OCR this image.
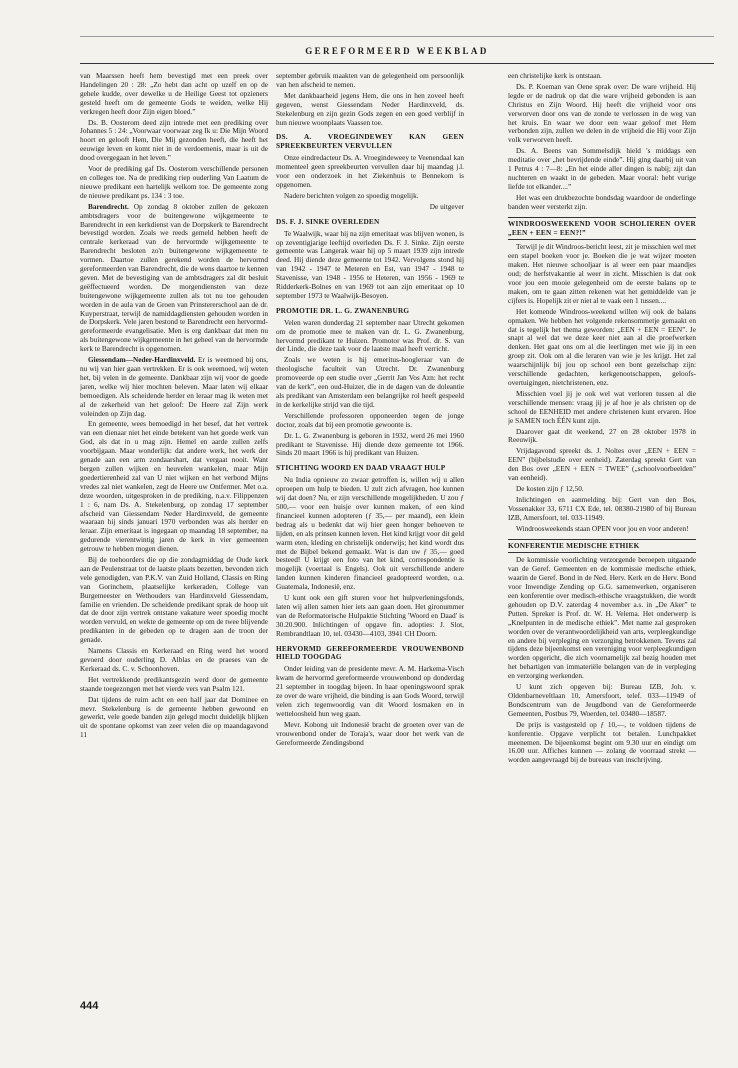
GEREFORMEERD WEEKBLAD

van Maarssen heeft hem bevestigd met een preek over Handelingen 20 : 28: „Zo hebt dan acht op uzelf en op de gehele kudde, over dewelke u de Heilige Geest tot opzieners gesteld heeft om de gemeente Gods te weiden, welke Hij verkregen heeft door Zijn eigen bloed.”

Ds. B. Oosterom deed zijn intrede met een prediking over Johannes 5 : 24: „Voorwaar voorwaar zeg Ik u: Die Mijn Woord hoort en gelooft Hem, Die Mij gezonden heeft, die heeft het eeuwige leven en komt niet in de verdoemenis, maar is uit de dood overgegaan in het leven.”

Voor de prediking gaf Ds. Oosterom verschillende personen en colleges toe. Na de prediking riep ouderling Van Laatum de nieuwe predikant een hartelijk welkom toe. De gemeente zong de nieuwe predikant ps. 134 : 3 toe.

Barendrecht. Op zondag 8 oktober zullen de gekozen ambtsdragers voor de buitengewone wijkgemeente te Barendrecht in een kerkdienst van de Dorpskerk te Barendrecht bevestigd worden. Zoals we reeds gemeld hebben heeft de centrale kerkeraad van de hervormde wijkgemeente te Barendrecht besloten zo'n buitengewone wijkgemeente te vormen. Daartoe zullen gerekend worden de hervormd gereformeerden van Barendrecht, die de wens daartoe te kennen geven. Met de bevestiging van de ambtsdragers zal dit besluit geëffectueerd worden. De morgendiensten van deze buitengewone wijkgemeente zullen als tot nu toe gehouden worden in de aula van de Groen van Prinstererschool aan de dr. Kuyperstraat, terwijl de namiddagdiensten gehouden worden in de Dorpskerk. Vele jaren bestond te Barendrecht een hervormd-gereformeerde evangelisatie. Men is erg dankbaar dat men nu als buitengewone wijkgemeente in het geheel van de hervormde kerk te Barendrecht is opgenomen.

Giessendam—Neder-Hardinxveld. Er is weemoed bij ons, nu wij van hier gaan vertrekken. Er is ook weemoed, wij weten het, bij velen in de gemeente. Dankbaar zijn wij voor de goede jaren, welke wij hier mochten beleven. Maar laten wij elkaar bemoedigen. Als scheidende herder en leraar mag ik weten met al de zekerheid van het geloof: De Heere zal Zijn werk voleinden op Zijn dag.

En gemeente, wees bemoedigd in het besef, dat het vertrek van een dienaar niet het einde betekent van het goede werk van God, als dat in u mag zijn. Hemel en aarde zullen zelfs voorbijgaan. Maar wonderlijk: dat andere werk, het werk der genade aan een arm zondaarshart, dat vergaat nooit. Want bergen zullen wijken en heuvelen wankelen, maar Mijn goedertierenheid zal van U niet wijken en het verbond Mijns vredes zal niet wankelen, zegt de Heere uw Ontfermer. Met o.a. deze woorden, uitgesproken in de prediking, n.a.v. Filippenzen 1 : 6, nam Ds. A. Stekelenburg, op zondag 17 september afscheid van Giessendam Neder Hardinxveld, de gemeente waaraan hij sinds januari 1970 verbonden was als herder en leraar. Zijn emeritaat is ingegaan op maandag 18 september, na gedurende vierentwintig jaren de kerk in vier gemeenten getrouw te hebben mogen dienen.

Bij de toehoorders die op die zondagmiddag de Oude kerk aan de Peulenstraat tot de laatste plaats bezetten, bevonden zich vele genodigden, van P.K.V. van Zuid Holland, Classis en Ring van Gorinchem, plaatselijke kerkeraden, College van Burgemeester en Wethouders van Hardinxveld Giessendam, familie en vrienden. De scheidende predikant sprak de hoop uit dat de door zijn vertrek ontstane vakature weer spoedig mocht worden vervuld, en wekte de gemeente op om de twee blijvende predikanten in de gebeden op te dragen aan de troon der genade.

Namens Classis en Kerkeraad en Ring werd het woord gevoerd door ouderling D. Alblas en de praeses van de Kerkeraad ds. C. v. Schoonhoven.

Het vertrekkende predikantsgezin werd door de gemeente staande toegezongen met het vierde vers van Psalm 121.

Dat tijdens de ruim acht en een half jaar dat Dominee en mevr. Stekelenburg is de gemeente hebben gewoond en gewerkt, vele goede banden zijn gelegd mocht duidelijk blijken uit de spontane opkomst van zeer velen die op maandagavond 11

september gebruik maakten van de gelegenheid om persoonlijk van hen afscheid te nemen.

Met dankbaarheid jegens Hem, die ons in hen zoveel heeft gegeven, wenst Giessendam Neder Hardinxveld, ds. Stekelenburg en zijn gezin Gods zegen en een goed verblijf in hun nieuwe woonplaats Vaassen toe.

DS. A. VROEGINDEWEY KAN GEEN SPREEKBEURTEN VERVULLEN

Onze eindredacteur Ds. A. Vroegindeweey te Veenendaal kan momenteel geen spreekbeurten vervullen daar hij maandag j.l. voor een onderzoek in het Ziekenhuis te Bennekom is opgenomen.

Nadere berichten volgen zo spoedig mogelijk.

De uitgever

DS. F. J. SINKE OVERLEDEN

Te Waalwijk, waar hij na zijn emeritaat was blijven wonen, is op zeventigjarige leeftijd overleden Ds. F. J. Sinke. Zijn eerste gemeente was Langerak waar hij op 5 maart 1939 zijn intrede deed. Hij diende deze gemeente tot 1942. Vervolgens stond hij van 1942 - 1947 te Meteren en Est, van 1947 - 1948 te Stavenisse, van 1948 - 1956 te Heteren, van 1956 - 1969 te Ridderkerk-Bolnes en van 1969 tot aan zijn emeritaat op 10 september 1973 te Waalwijk-Besoyen.

PROMOTIE DR. L. G. ZWANENBURG

Velen waren donderdag 21 september naar Utrecht gekomen om de promotie mee te maken van dr. L. G. Zwanenburg, hervormd predikant te Huizen. Promotor was Prof. dr. S. van der Linde, die deze taak voor de laatste maal heeft verricht.

Zoals we weten is hij emeritus-hoogleraar van de theologische faculteit van Utrecht. Dr. Zwanenburg promoveerde op een studie over „Gerrit Jan Vos Azn: het recht van de kerk”, een oud-Huizer, die in de dagen van de doleantie als predikant van Amsterdam een belangrijke rol heeft gespeeld in de kerkelijke strijd van die tijd.

Verschillende professoren opponeerden tegen de jonge doctor, zoals dat bij een promotie gewoonte is.

Dr. L. G. Zwanenburg is geboren in 1932, werd 26 mei 1960 predikant te Stavenisse. Hij diende deze gemeente tot 1966. Sinds 20 maart 1966 is hij predikant van Huizen.

STICHTING WOORD EN DAAD VRAAGT HULP

Nu India opnieuw zo zwaar getroffen is, willen wij u allen oproepen om hulp te bieden. U zult zich afvragen, hoe kunnen wij dat doen? Nu, er zijn verschillende mogelijkheden. U zou ƒ 500,— voor een huisje over kunnen maken, of een kind financieel kunnen adopteren (ƒ 35,— per maand), een klein bedrag als u bedenkt dat wij hier geen honger behoeven te lijden, en als prinsen kunnen leven. Het kind krijgt voor dit geld warm eten, kleding en christelijk onderwijs; het kind wordt dus met de Bijbel bekend gemaakt. Wat is dan uw ƒ 35,— goed besteed! U krijgt een foto van het kind, correspondentie is mogelijk (voertaal is Engels). Ook uit verschillende andere landen kunnen kinderen financieel geadopteerd worden, o.a. Guatemala, Indonesië, enz.

U kunt ook een gift sturen voor het hulpverleningsfonds, laten wij allen samen hier iets aan gaan doen. Het gironummer van de Reformatorische Hulpaktie Stichting 'Woord en Daad' is 30.20.900. Inlichtingen of opgave fin. adopties: J. Slot, Rembrandtlaan 10, tel. 03430—4103, 3941 CH Doorn.

HERVORMD GEREFORMEERDE VROUWENBOND HIELD TOOGDAG

Onder leiding van de presidente mevr. A. M. Harkema-Visch kwam de hervormd gereformeerde vrouwenbond op donderdag 21 september in toogdag bijeen. In haar openingswoord sprak ze over de ware vrijheid, die binding is aan Gods Woord, terwijl velen zich tegenwoordig van dit Woord losmaken en in wetteloosheid hun weg gaan.

Mevr. Kobong uit Indonesië bracht de groeten over van de vrouwenbond onder de Toraja's, waar door het werk van de Gereformeerde Zendingsbond

een christelijke kerk is ontstaan.

Ds. P. Koeman van Oene sprak over: De ware vrijheid. Hij legde er de nadruk op dat die ware vrijheid gebonden is aan Christus en Zijn Woord. Hij heeft die vrijheid voor ons verworven door ons van de zonde te verlossen in de weg van het kruis. En waar we door een waar geloof met Hem verbonden zijn, zullen we delen in de vrijheid die Hij voor Zijn volk verworven heeft.

Ds. A. Beens van Sommelsdijk hield 's middags een meditatie over „het bevrijdende einde”. Hij ging daarbij uit van 1 Petrus 4 : 7—8: „En het einde aller dingen is nabij; zijt dan nuchteren en waakt in de gebeden. Maar vooral: hebt vurige liefde tot elkander....”

Het was een drukbezochte bondsdag waardoor de onderlinge banden weer versterkt zijn.

WINDROOSWEEKEND VOOR SCHOLIEREN OVER „EEN + EEN = EEN?!”

Terwijl je dit Windroos-bericht leest, zit je misschien wel met een stapel boeken voor je. Boeken die je wat wijzer moeten maken. Het nieuwe schooljaar is al weer een paar maandjes oud; de herfstvakantie al weer in zicht. Misschien is dat ook voor jou een mooie gelegenheid om de eerste balans op te maken, om te gaan zitten rekenen wat het gemiddelde van je cijfers is. Hopelijk zit er niet al te vaak een 1 tussen....

Het komende Windroos-weekend willen wij ook de balans opmaken. We hebben het volgende rekensommetje gemaakt en dat is tegelijk het thema geworden: „EEN + EEN = EEN”. Je snapt al wel dat we deze keer niet aan al die proefwerken denken. Het gaat ons om al die leerlingen met wie jij in een groep zit. Ook om al die leraren van wie je les krijgt. Het zal waarschijnlijk bij jou op school een bont gezelschap zijn: verschillende gedachten, kerkgenootschappen, geloofs-overtuigingen, nietchristenen, enz.

Misschien voel jij je ook wel wat verloren tussen al die verschillende mensen: vraag jij je af hoe je als christen op de school de EENHEID met andere christenen kunt ervaren. Hoe je SAMEN toch ÉÉN kunt zijn.

Daarover gaat dit weekend, 27 en 28 oktober 1978 in Reeuwijk.

Vrijdagavond spreekt ds. J. Noltes over „EEN + EEN = EEN” (bijbelstudie over eenheid). Zaterdag spreekt Gert van den Bos over „EEN + EEN = TWEE” („schoolvoorbeelden” van eenheid).

De kosten zijn ƒ 12,50.

Inlichtingen en aanmelding bij: Gert van den Bos, Vossenakker 33, 6711 CX Ede, tel. 08380-21980 of bij Bureau IZB, Amersfoort, tel. 033-11949.

Windroosweekends staan OPEN voor jou en voor anderen!

KONFERENTIE MEDISCHE ETHIEK

De kommissie voorlichting verzorgende beroepen uitgaande van de Geref. Gemeenten en de kommissie medische ethiek, waarin de Geref. Bond in de Ned. Herv. Kerk en de Herv. Bond voor Inwendige Zending op G.G. samenwerken, organiseren een konferentie over medisch-ethische vraagstukken, die wordt gehouden op D.V. zaterdag 4 november a.s. in „De Aker” te Putten. Spreker is Prof. dr. W. H. Velema. Het onderwerp is „Knelpunten in de medische ethiek”. Met name zal gesproken worden over de verantwoordelijkheid van arts, verpleegkundige en andere bij verpleging en verzorging betrokkenen. Tevens zal tijdens deze bijeenkomst een vereniging voor verpleegkundigen worden opgericht, die zich voornamelijk zal bezig houden met het behartigen van immateriële belangen van de in verpleging en verzorging werkenden.

U kunt zich opgeven bij: Bureau IZB, Joh. v. Oldenbarneveltlaan 10, Amersfoort, telef. 033—11949 of Bondscentrum van de Jeugdbond van de Gereformeerde Gemeenten, Postbus 79, Woerden, tel. 03480—18587.

De prijs is vastgesteld op ƒ 10,—, te voldoen tijdens de konferentie. Opgave verplicht tot betalen. Lunchpakket meenemen. De bijeenkomst begint om 9.30 uur en eindigt om 16.00 uur. Affiches kunnen — zolang de voorraad strekt — worden aangevraagd bij de bureaus van inschrijving.

444
